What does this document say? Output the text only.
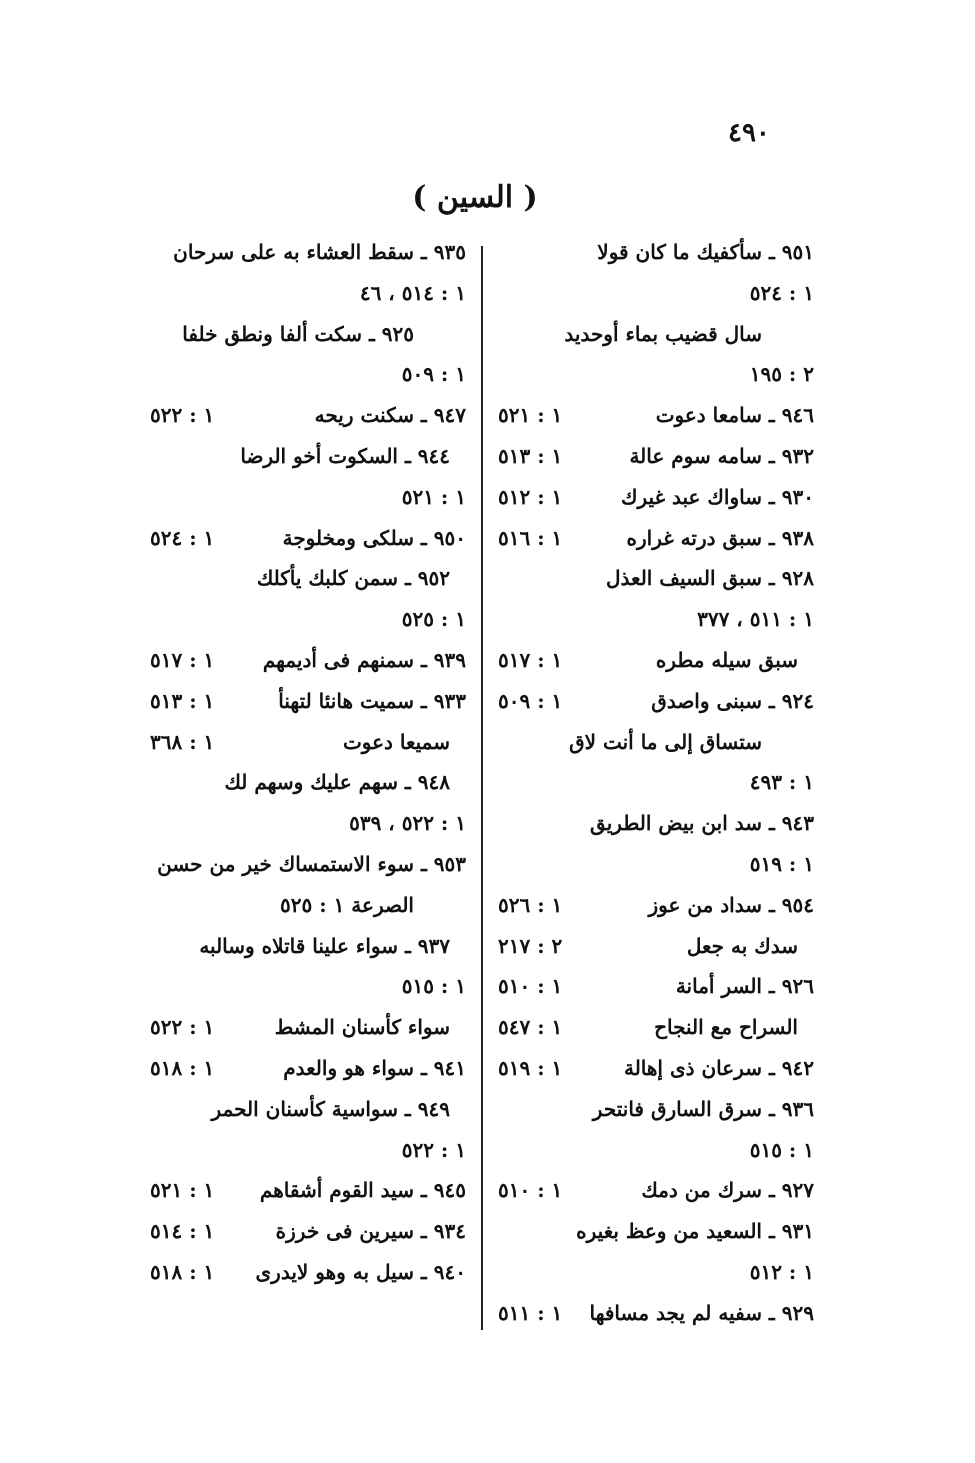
٤٩٠
( السين )
٩٥١ ـ سأكفيك ما كان قولا
١ : ٥٢٤
سال قضيب بماء أوحديد
٢ : ١٩٥
٩٤٦ ـ سامعا دعوت
١ : ٥٢١
٩٣٢ ـ سامه سوم عالة
١ : ٥١٣
٩٣٠ ـ ساواك عبد غيرك
١ : ٥١٢
٩٣٨ ـ سبق درته غراره
١ : ٥١٦
٩٢٨ ـ سبق السيف العذل
١ : ٥١١ ، ٣٧٧
سبق سيله مطره
١ : ٥١٧
٩٢٤ ـ سبنى واصدق
١ : ٥٠٩
ستساق إلى ما أنت لاق
١ : ٤٩٣
٩٤٣ ـ سد ابن بيض الطريق
١ : ٥١٩
٩٥٤ ـ سداد من عوز
١ : ٥٢٦
سدك به جعل
٢ : ٢١٧
٩٢٦ ـ السر أمانة
١ : ٥١٠
السراح مع النجاح
١ : ٥٤٧
٩٤٢ ـ سرعان ذى إهالة
١ : ٥١٩
٩٣٦ ـ سرق السارق فانتحر
١ : ٥١٥
٩٢٧ ـ سرك من دمك
١ : ٥١٠
٩٣١ ـ السعيد من وعظ بغيره
١ : ٥١٢
٩٢٩ ـ سفيه لم يجد مسافها
١ : ٥١١
٩٣٥ ـ سقط العشاء به على سرحان
١ : ٥١٤ ، ٤٦
٩٢٥ ـ سكت ألفا ونطق خلفا
١ : ٥٠٩
٩٤٧ ـ سكنت ريحه
١ : ٥٢٢
٩٤٤ ـ السكوت أخو الرضا
١ : ٥٢١
٩٥٠ ـ سلكى ومخلوجة
١ : ٥٢٤
٩٥٢ ـ سمن كلبك يأكلك
١ : ٥٢٥
٩٣٩ ـ سمنهم فى أديمهم
١ : ٥١٧
٩٣٣ ـ سميت هانئا لتهنأ
١ : ٥١٣
سميعا دعوت
١ : ٣٦٨
٩٤٨ ـ سهم عليك وسهم لك
١ : ٥٢٢ ، ٥٣٩
٩٥٣ ـ سوء الاستمساك خير من حسن
الصرعة ١ : ٥٢٥
٩٣٧ ـ سواء علينا قاتلاه وسالبه
١ : ٥١٥
سواء كأسنان المشط
١ : ٥٢٢
٩٤١ ـ سواء هو والعدم
١ : ٥١٨
٩٤٩ ـ سواسية كأسنان الحمر
١ : ٥٢٢
٩٤٥ ـ سيد القوم أشقاهم
١ : ٥٢١
٩٣٤ ـ سيرين فى خرزة
١ : ٥١٤
٩٤٠ ـ سيل به وهو لايدرى
١ : ٥١٨
